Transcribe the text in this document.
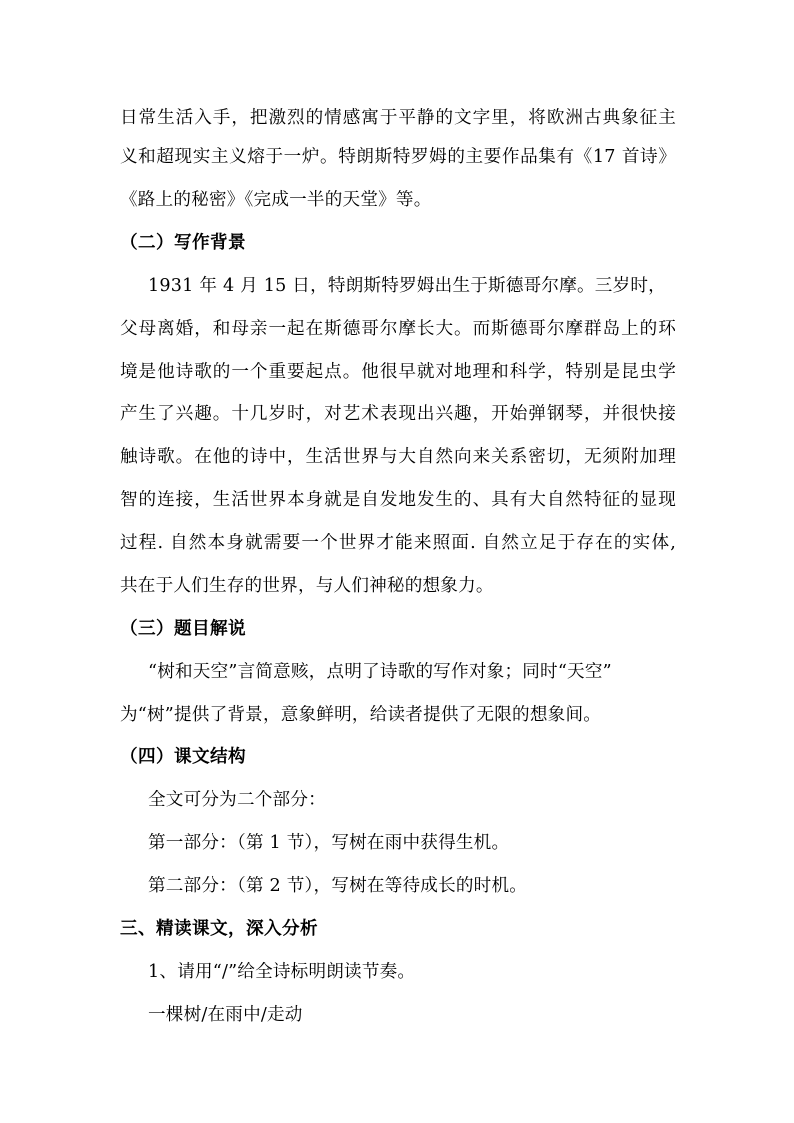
日常生活入手，把激烈的情感寓于平静的文字里，将欧洲古典象征主
义和超现实主义熔于一炉。特朗斯特罗姆的主要作品集有《17 首诗》
《路上的秘密》《完成一半的天堂》等。
（二）写作背景
1931 年 4 月 15 日，特朗斯特罗姆出生于斯德哥尔摩。三岁时，
父母离婚，和母亲一起在斯德哥尔摩长大。而斯德哥尔摩群岛上的环
境是他诗歌的一个重要起点。他很早就对地理和科学，特别是昆虫学
产生了兴趣。十几岁时，对艺术表现出兴趣，开始弹钢琴，并很快接
触诗歌。在他的诗中，生活世界与大自然向来关系密切，无须附加理
智的连接，生活世界本身就是自发地发生的、具有大自然特征的显现
过程. 自然本身就需要一个世界才能来照面. 自然立足于存在的实体,
共在于人们生存的世界，与人们神秘的想象力。
（三）题目解说
“树和天空”言简意赅，点明了诗歌的写作对象；同时“天空”
为“树”提供了背景，意象鲜明，给读者提供了无限的想象间。
（四）课文结构
全文可分为二个部分：
第一部分：（第 1 节），写树在雨中获得生机。
第二部分：（第 2 节），写树在等待成长的时机。
三、精读课文，深入分析
1、请用“/”给全诗标明朗读节奏。
一棵树/在雨中/走动
